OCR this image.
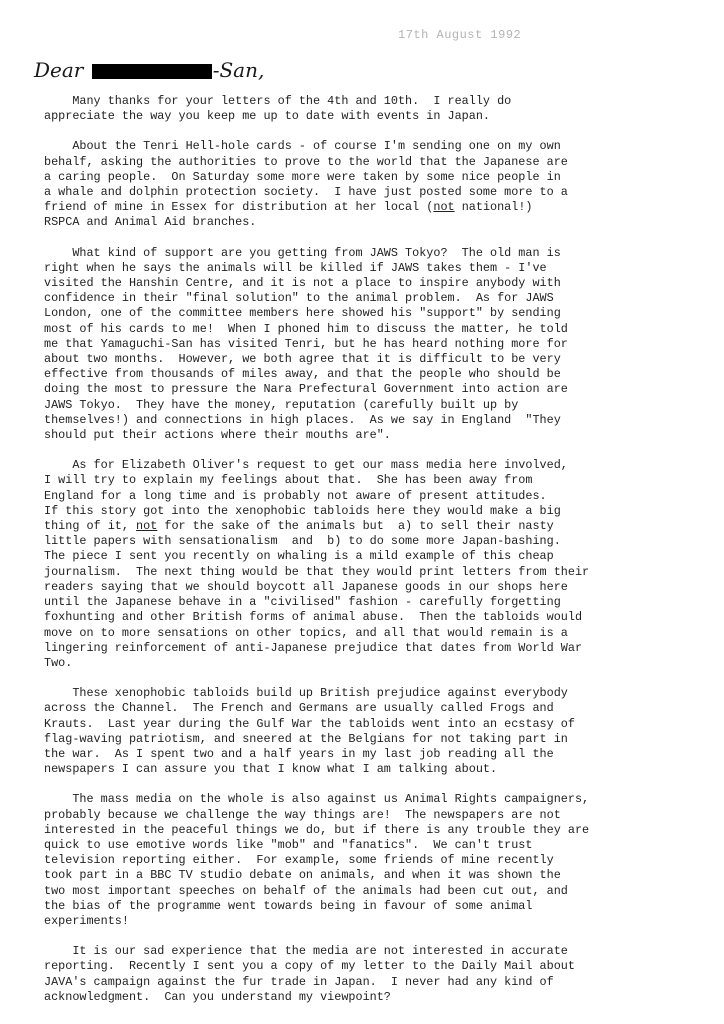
17th August 1992
Dear	-San,
Many thanks for your letters of the 4th and 10th.  I really do
appreciate the way you keep me up to date with events in Japan.
About the Tenri Hell-hole cards - of course I'm sending one on my own
behalf, asking the authorities to prove to the world that the Japanese are
a caring people.  On Saturday some more were taken by some nice people in
a whale and dolphin protection society.  I have just posted some more to a
friend of mine in Essex for distribution at her local (not national!)
RSPCA and Animal Aid branches.
What kind of support are you getting from JAWS Tokyo?  The old man is
right when he says the animals will be killed if JAWS takes them - I've
visited the Hanshin Centre, and it is not a place to inspire anybody with
confidence in their "final solution" to the animal problem.  As for JAWS
London, one of the committee members here showed his "support" by sending
most of his cards to me!  When I phoned him to discuss the matter, he told
me that Yamaguchi-San has visited Tenri, but he has heard nothing more for
about two months.  However, we both agree that it is difficult to be very
effective from thousands of miles away, and that the people who should be
doing the most to pressure the Nara Prefectural Government into action are
JAWS Tokyo.  They have the money, reputation (carefully built up by
themselves!) and connections in high places.  As we say in England  "They
should put their actions where their mouths are".
As for Elizabeth Oliver's request to get our mass media here involved,
I will try to explain my feelings about that.  She has been away from
England for a long time and is probably not aware of present attitudes.
If this story got into the xenophobic tabloids here they would make a big
thing of it, not for the sake of the animals but  a) to sell their nasty
little papers with sensationalism  and  b) to do some more Japan-bashing.
The piece I sent you recently on whaling is a mild example of this cheap
journalism.  The next thing would be that they would print letters from their
readers saying that we should boycott all Japanese goods in our shops here
until the Japanese behave in a "civilised" fashion - carefully forgetting
foxhunting and other British forms of animal abuse.  Then the tabloids would
move on to more sensations on other topics, and all that would remain is a
lingering reinforcement of anti-Japanese prejudice that dates from World War
Two.
These xenophobic tabloids build up British prejudice against everybody
across the Channel.  The French and Germans are usually called Frogs and
Krauts.  Last year during the Gulf War the tabloids went into an ecstasy of
flag-waving patriotism, and sneered at the Belgians for not taking part in
the war.  As I spent two and a half years in my last job reading all the
newspapers I can assure you that I know what I am talking about.
The mass media on the whole is also against us Animal Rights campaigners,
probably because we challenge the way things are!  The newspapers are not
interested in the peaceful things we do, but if there is any trouble they are
quick to use emotive words like "mob" and "fanatics".  We can't trust
television reporting either.  For example, some friends of mine recently
took part in a BBC TV studio debate on animals, and when it was shown the
two most important speeches on behalf of the animals had been cut out, and
the bias of the programme went towards being in favour of some animal
experiments!
It is our sad experience that the media are not interested in accurate
reporting.  Recently I sent you a copy of my letter to the Daily Mail about
JAVA's campaign against the fur trade in Japan.  I never had any kind of
acknowledgment.  Can you understand my viewpoint?
